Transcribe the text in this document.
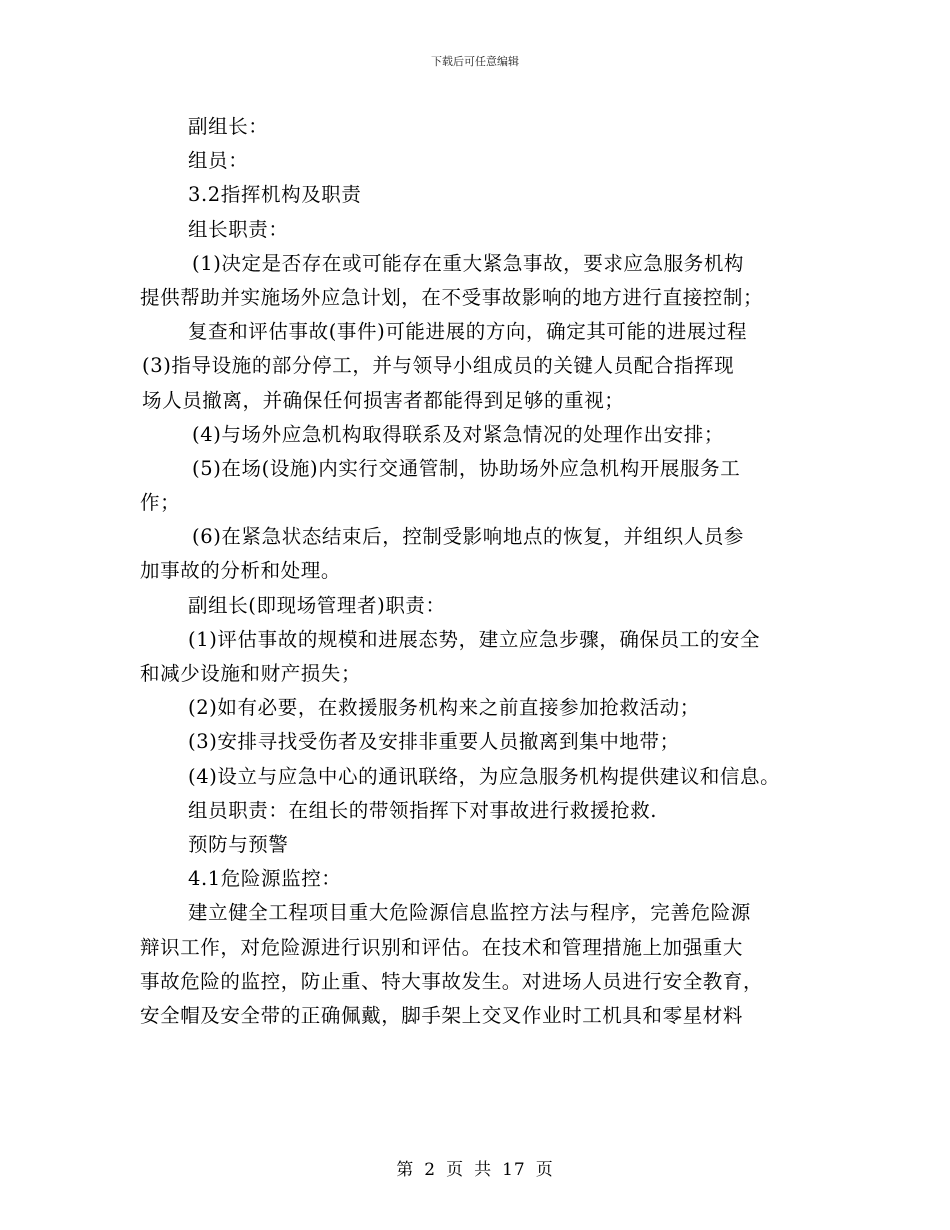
下载后可任意编辑
副组长：
组员：
3.2指挥机构及职责
组长职责：
(1)决定是否存在或可能存在重大紧急事故，要求应急服务机构
提供帮助并实施场外应急计划，在不受事故影响的地方进行直接控制；
复查和评估事故(事件)可能进展的方向，确定其可能的进展过程
(3)指导设施的部分停工，并与领导小组成员的关键人员配合指挥现
场人员撤离，并确保任何损害者都能得到足够的重视；
(4)与场外应急机构取得联系及对紧急情况的处理作出安排；
(5)在场(设施)内实行交通管制，协助场外应急机构开展服务工
作；
(6)在紧急状态结束后，控制受影响地点的恢复，并组织人员参
加事故的分析和处理。
副组长(即现场管理者)职责：
(1)评估事故的规模和进展态势，建立应急步骤，确保员工的安全
和减少设施和财产损失；
(2)如有必要，在救援服务机构来之前直接参加抢救活动；
(3)安排寻找受伤者及安排非重要人员撤离到集中地带；
(4)设立与应急中心的通讯联络，为应急服务机构提供建议和信息。
组员职责：在组长的带领指挥下对事故进行救援抢救.
预防与预警
4.1危险源监控：
建立健全工程项目重大危险源信息监控方法与程序，完善危险源
辩识工作，对危险源进行识别和评估。在技术和管理措施上加强重大
事故危险的监控，防止重、特大事故发生。对进场人员进行安全教育，
安全帽及安全带的正确佩戴，脚手架上交叉作业时工机具和零星材料
第 2 页 共 17 页
